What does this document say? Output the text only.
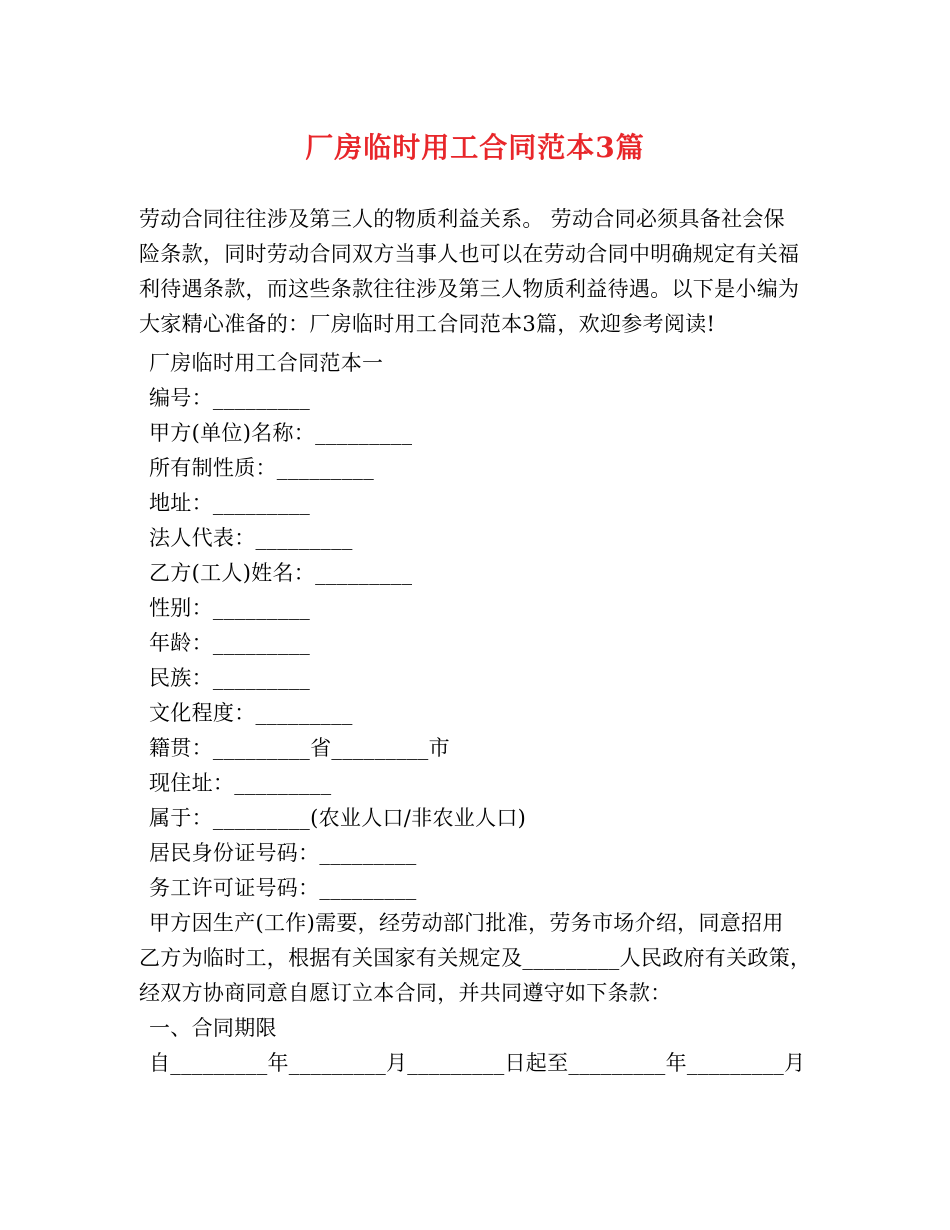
厂房临时用工合同范本3篇
劳动合同往往涉及第三人的物质利益关系。 劳动合同必须具备社会保
险条款，同时劳动合同双方当事人也可以在劳动合同中明确规定有关福
利待遇条款，而这些条款往往涉及第三人物质利益待遇。以下是小编为
大家精心准备的：厂房临时用工合同范本3篇，欢迎参考阅读!
厂房临时用工合同范本一
编号：_________
甲方(单位)名称：_________
所有制性质：_________
地址：_________
法人代表：_________
乙方(工人)姓名：_________
性别：_________
年龄：_________
民族：_________
文化程度：_________
籍贯：_________省_________市
现住址：_________
属于：_________(农业人口/非农业人口)
居民身份证号码：_________
务工许可证号码：_________
甲方因生产(工作)需要，经劳动部门批准，劳务市场介绍，同意招用
乙方为临时工，根据有关国家有关规定及_________人民政府有关政策，
经双方协商同意自愿订立本合同，并共同遵守如下条款：
一、合同期限
自_________年_________月_________日起至_________年_________月
